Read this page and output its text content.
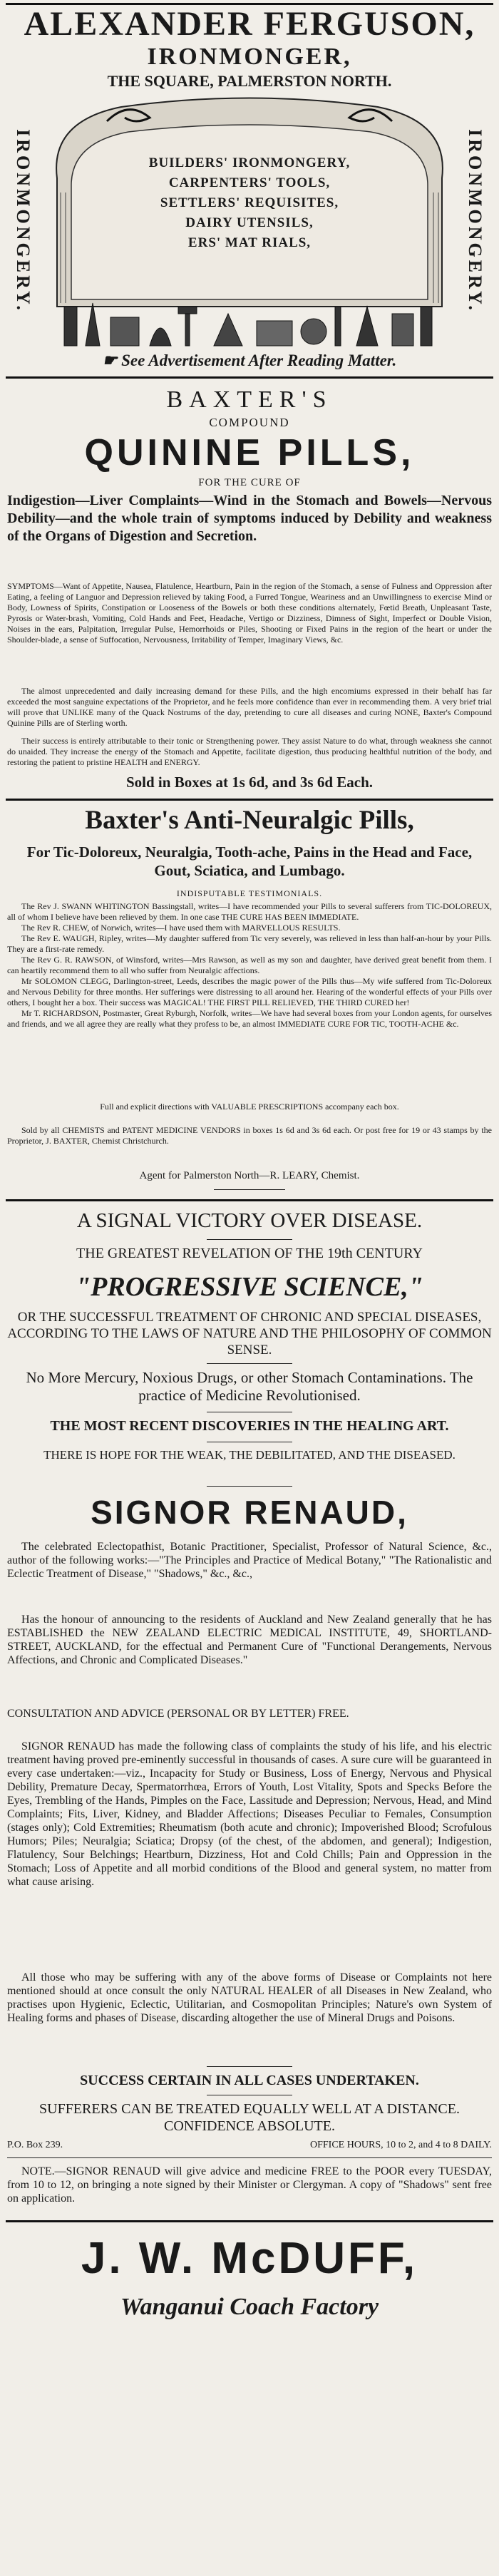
ALEXANDER FERGUSON,
IRONMONGER,
THE SQUARE, PALMERSTON NORTH.
IRONMONGERY.	IRONMONGERY.
BUILDERS' IRONMONGERY,
CARPENTERS' TOOLS,
SETTLERS' REQUISITES,
DAIRY UTENSILS,
ERS' MAT RIALS,
☛ See Advertisement After Reading Matter.
BAXTER'S
COMPOUND
QUININE PILLS,
FOR THE CURE OF

Indigestion—Liver Complaints—Wind in the Stomach and Bowels—Nervous Debility—and the whole train of symptoms induced by Debility and weakness of the Organs of Digestion and Secretion.

SYMPTOMS—Want of Appetite, Nausea, Flatulence, Heartburn, Pain in the region of the Stomach, a sense of Fulness and Oppression after Eating, a feeling of Languor and Depression relieved by taking Food, a Furred Tongue, Weariness and an Unwillingness to exercise Mind or Body, Lowness of Spirits, Constipation or Looseness of the Bowels or both these conditions alternately, Fœtid Breath, Unpleasant Taste, Pyrosis or Water-brash, Vomiting, Cold Hands and Feet, Headache, Vertigo or Dizziness, Dimness of Sight, Imperfect or Double Vision, Noises in the ears, Palpitation, Irregular Pulse, Hemorrhoids or Piles, Shooting or Fixed Pains in the region of the heart or under the Shoulder-blade, a sense of Suffocation, Nervousness, Irritability of Temper, Imaginary Views, &c.

The almost unprecedented and daily increasing demand for these Pills, and the high encomiums expressed in their behalf has far exceeded the most sanguine expectations of the Proprietor, and he feels more confidence than ever in recommending them. A very brief trial will prove that UNLIKE many of the Quack Nostrums of the day, pretending to cure all diseases and curing NONE, Baxter's Compound Quinine Pills are of Sterling worth.

Their success is entirely attributable to their tonic or Strengthening power. They assist Nature to do what, through weakness she cannot do unaided. They increase the energy of the Stomach and Appetite, facilitate digestion, thus producing healthful nutrition of the body, and restoring the patient to pristine HEALTH and ENERGY.

Sold in Boxes at 1s 6d, and 3s 6d Each.

Baxter's Anti-Neuralgic Pills,

For Tic-Doloreux, Neuralgia, Tooth-ache, Pains in the Head and Face, Gout, Sciatica, and Lumbago.

INDISPUTABLE TESTIMONIALS.

The Rev J. SWANN WHITINGTON Bassingstall, writes—I have recommended your Pills to several sufferers from TIC-DOLOREUX, all of whom I believe have been relieved by them. In one case THE CURE HAS BEEN IMMEDIATE.

The Rev R. CHEW, of Norwich, writes—I have used them with MARVELLOUS RESULTS.

The Rev E. WAUGH, Ripley, writes—My daughter suffered from Tic very severely, was relieved in less than half-an-hour by your Pills. They are a first-rate remedy.

The Rev G. R. RAWSON, of Winsford, writes—Mrs Rawson, as well as my son and daughter, have derived great benefit from them. I can heartily recommend them to all who suffer from Neuralgic affections.

Mr SOLOMON CLEGG, Darlington-street, Leeds, describes the magic power of the Pills thus—My wife suffered from Tic-Doloreux and Nervous Debility for three months. Her sufferings were distressing to all around her. Hearing of the wonderful effects of your Pills over others, I bought her a box. Their success was MAGICAL! THE FIRST PILL RELIEVED, THE THIRD CURED her!

Mr T. RICHARDSON, Postmaster, Great Ryburgh, Norfolk, writes—We have had several boxes from your London agents, for ourselves and friends, and we all agree they are really what they profess to be, an almost IMMEDIATE CURE FOR TIC, TOOTH-ACHE &c.

Full and explicit directions with VALUABLE PRESCRIPTIONS accompany each box.

Sold by all CHEMISTS and PATENT MEDICINE VENDORS in boxes 1s 6d and 3s 6d each. Or post free for 19 or 43 stamps by the Proprietor, J. BAXTER, Chemist Christchurch.

Agent for Palmerston North—R. LEARY, Chemist.

A SIGNAL VICTORY OVER DISEASE.

THE GREATEST REVELATION OF THE 19th CENTURY

"PROGRESSIVE SCIENCE,"

OR THE SUCCESSFUL TREATMENT OF CHRONIC AND SPECIAL DISEASES, ACCORDING TO THE LAWS OF NATURE AND THE PHILOSOPHY OF COMMON SENSE.

No More Mercury, Noxious Drugs, or other Stomach Contaminations. The practice of Medicine Revolutionised.

THE MOST RECENT DISCOVERIES IN THE HEALING ART.

THERE IS HOPE FOR THE WEAK, THE DEBILITATED, AND THE DISEASED.

SIGNOR RENAUD,

The celebrated Eclectopathist, Botanic Practitioner, Specialist, Professor of Natural Science, &c., author of the following works:—"The Principles and Practice of Medical Botany," "The Rationalistic and Eclectic Treatment of Disease," "Shadows," &c., &c.,

Has the honour of announcing to the residents of Auckland and New Zealand generally that he has ESTABLISHED the NEW ZEALAND ELECTRIC MEDICAL INSTITUTE, 49, SHORTLAND-STREET, AUCKLAND, for the effectual and Permanent Cure of "Functional Derangements, Nervous Affections, and Chronic and Complicated Diseases."

CONSULTATION AND ADVICE (PERSONAL OR BY LETTER) FREE.

SIGNOR RENAUD has made the following class of complaints the study of his life, and his electric treatment having proved pre-eminently successful in thousands of cases. A sure cure will be guaranteed in every case undertaken:—viz., Incapacity for Study or Business, Loss of Energy, Nervous and Physical Debility, Premature Decay, Spermatorrhœa, Errors of Youth, Lost Vitality, Spots and Specks Before the Eyes, Trembling of the Hands, Pimples on the Face, Lassitude and Depression; Nervous, Head, and Mind Complaints; Fits, Liver, Kidney, and Bladder Affections; Diseases Peculiar to Females, Consumption (stages only); Cold Extremities; Rheumatism (both acute and chronic); Impoverished Blood; Scrofulous Humors; Piles; Neuralgia; Sciatica; Dropsy (of the chest, of the abdomen, and general); Indigestion, Flatulency, Sour Belchings; Heartburn, Dizziness, Hot and Cold Chills; Pain and Oppression in the Stomach; Loss of Appetite and all morbid conditions of the Blood and general system, no matter from what cause arising.

All those who may be suffering with any of the above forms of Disease or Complaints not here mentioned should at once consult the only NATURAL HEALER of all Diseases in New Zealand, who practises upon Hygienic, Eclectic, Utilitarian, and Cosmopolitan Principles; Nature's own System of Healing forms and phases of Disease, discarding altogether the use of Mineral Drugs and Poisons.

SUCCESS CERTAIN IN ALL CASES UNDERTAKEN.

SUFFERERS CAN BE TREATED EQUALLY WELL AT A DISTANCE. CONFIDENCE ABSOLUTE.

P.O. Box 239.	OFFICE HOURS, 10 to 2, and 4 to 8 DAILY.

NOTE.—SIGNOR RENAUD will give advice and medicine FREE to the POOR every TUESDAY, from 10 to 12, on bringing a note signed by their Minister or Clergyman. A copy of "Shadows" sent free on application.

J. W. McDUFF,

Wanganui Coach Factory
